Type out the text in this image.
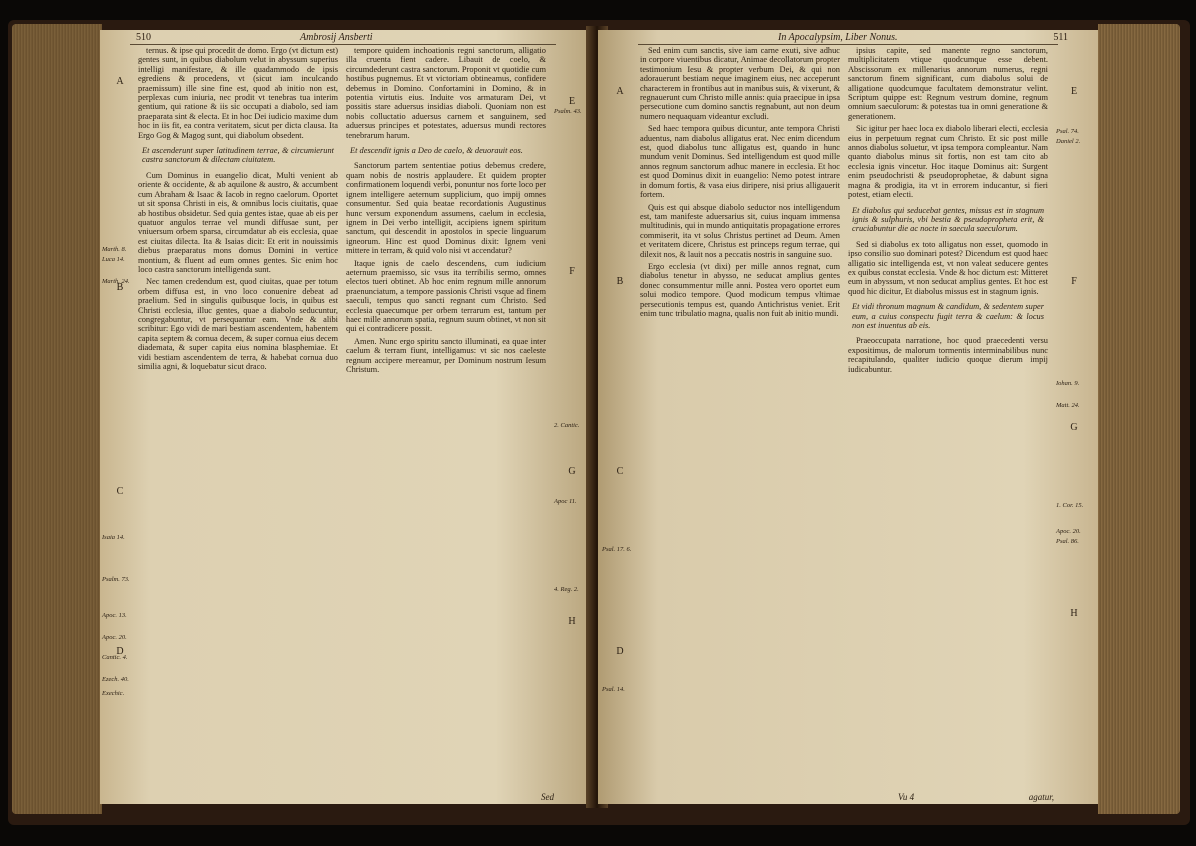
510	Ambrosij Ansberti
A
B
C
D
Marth. 8.
Luca 14.
Marth. 24.
Isaia 14.
Psalm. 73.
Apoc. 13.
Apoc. 20.
Cantic. 4.
Ezech. 40.
Exechic.

ternus. & ipse qui procedit de domo. Ergo (vt dictum est) gentes sunt, in quibus diabolum velut in abyssum superius intelligi manifestare, & ille quadammodo de ipsis egrediens & procedens, vt (sicut iam inculcando praemissum) ille sine fine est, quod ab initio non est, perplexas cum iniuria, nec prodit vt tenebras tua interim gentium, qui ratione & iis sic occupati a diabolo, sed iam praeparata sint & electa. Et in hoc Dei iudicio maxime dum hoc in iis fit, ea contra veritatem, sicut per dicta clausa. Ita Ergo Gog & Magog sunt, qui diabolum obsedent.

Et ascenderunt super latitudinem terrae, & circumierunt castra sanctorum & dilectam ciuitatem.

Cum Dominus in euangelio dicat, Multi venient ab oriente & occidente, & ab aquilone & austro, & accumbent cum Abraham & Isaac & Iacob in regno caelorum. Oportet ut sit sponsa Christi in eis, & omnibus locis ciuitatis, quae ab hostibus obsidetur. Sed quia gentes istae, quae ab eis per quatuor angulos terrae vel mundi diffusae sunt, per vniuersum orbem sparsa, circumdatur ab eis ecclesia, quae est ciuitas dilecta. Ita & Isaias dicit: Et erit in nouissimis diebus praeparatus mons domus Domini in vertice montium, & fluent ad eum omnes gentes. Sic enim hoc loco castra sanctorum intelligenda sunt.

Nec tamen credendum est, quod ciuitas, quae per totum orbem diffusa est, in vno loco conuenire debeat ad praelium. Sed in singulis quibusque locis, in quibus est Christi ecclesia, illuc gentes, quae a diabolo seducuntur, congregabuntur, vt persequantur eam. Vnde & alibi scribitur: Ego vidi de mari bestiam ascendentem, habentem capita septem & cornua decem, & super cornua eius decem diademata, & super capita eius nomina blasphemiae. Et vidi bestiam ascendentem de terra, & habebat cornua duo similia agni, & loquebatur sicut draco.

tempore quidem inchoationis regni sanctorum, alligatio illa cruenta fient cadere. Libauit de coelo, & circumdederunt castra sanctorum. Proponit vt quotidie cum hostibus pugnemus. Et vt victoriam obtineamus, confidere debemus in Domino. Confortamini in Domino, & in potentia virtutis eius. Induite vos armaturam Dei, vt possitis stare aduersus insidias diaboli. Quoniam non est nobis colluctatio aduersus carnem et sanguinem, sed aduersus principes et potestates, aduersus mundi rectores tenebrarum harum.

Et descendit ignis a Deo de caelo, & deuorauit eos.

Sanctorum partem sententiae potius debemus credere, quam nobis de nostris applaudere. Et quidem propter confirmationem loquendi verbi, ponuntur nos forte loco per ignem intelligere aeternum supplicium, quo impij omnes consumentur. Sed quia beatae recordationis Augustinus hunc versum exponendum assumens, caelum in ecclesia, ignem in Dei verbo intelligit, accipiens ignem spiritum sanctum, qui descendit in apostolos in specie linguarum igneorum. Hinc est quod Dominus dixit: Ignem veni mittere in terram, & quid volo nisi vt accendatur?

Itaque ignis de caelo descendens, cum iudicium aeternum praemisso, sic vsus ita terribilis sermo, omnes electos tueri obtinet. Ab hoc enim regnum mille annorum praenunciatum, a tempore passionis Christi vsque ad finem saeculi, tempus quo sancti regnant cum Christo. Sed ecclesia quaecumque per orbem terrarum est, tantum per haec mille annorum spatia, regnum suum obtinet, vt non sit qui ei contradicere possit.

Amen. Nunc ergo spiritu sancto illuminati, ea quae inter caelum & terram fiunt, intelligamus: vt sic nos caeleste regnum accipere mereamur, per Dominum nostrum Iesum Christum.

E
F
G
H
Psalm. 43.
2. Cantic.
Apoc 11.
4. Reg. 2.
Sed
In Apocalypsim, Liber Nonus.	511
A
B
C
D
Psal. 17. 6.
Psal. 14.

Sed enim cum sanctis, sive iam carne exuti, sive adhuc in corpore viuentibus dicatur, Animae decollatorum propter testimonium Iesu & propter verbum Dei, & qui non adorauerunt bestiam neque imaginem eius, nec acceperunt characterem in frontibus aut in manibus suis, & vixerunt, & regnauerunt cum Christo mille annis: quia praecipue in ipsa persecutione cum domino sanctis regnabunt, aut non deum numero nequaquam videantur excludi.

Sed haec tempora quibus dicuntur, ante tempora Christi aduentus, nam diabolus alligatus erat. Nec enim dicendum est, quod diabolus tunc alligatus est, quando in hunc mundum venit Dominus. Sed intelligendum est quod mille annos regnum sanctorum adhuc manere in ecclesia. Et hoc est quod Dominus dixit in euangelio: Nemo potest intrare in domum fortis, & vasa eius diripere, nisi prius alligauerit fortem.

Quis est qui absque diabolo seductor nos intelligendum est, tam manifeste aduersarius sit, cuius inquam immensa multitudinis, qui in mundo antiquitatis propagatione errores commiserit, ita vt solus Christus pertinet ad Deum. Amen et veritatem dicere, Christus est princeps regum terrae, qui dilexit nos, & lauit nos a peccatis nostris in sanguine suo.

Ergo ecclesia (vt dixi) per mille annos regnat, cum diabolus tenetur in abysso, ne seducat amplius gentes donec consummentur mille anni. Postea vero oportet eum solui modico tempore. Quod modicum tempus vltimae persecutionis tempus est, quando Antichristus veniet. Erit enim tunc tribulatio magna, qualis non fuit ab initio mundi.

ipsius capite, sed manente regno sanctorum, multiplicitatem vtique quodcumque esse debent. Abscissorum ex millenarius annorum numerus, regni sanctorum finem significant, cum diabolus solui de alligatione quodcumque facultatem demonstratur velint. Scriptum quippe est: Regnum vestrum domine, regnum omnium saeculorum: & potestas tua in omni generatione & generationem.

Sic igitur per haec loca ex diabolo liberari electi, ecclesia eius in perpetuum regnat cum Christo. Et sic post mille annos diabolus soluetur, vt ipsa tempora compleantur. Nam quanto diabolus minus sit fortis, non est tam cito ab ecclesia ignis vincetur. Hoc itaque Dominus ait: Surgent enim pseudochristi & pseudoprophetae, & dabunt signa magna & prodigia, ita vt in errorem inducantur, si fieri potest, etiam electi.

Et diabolus qui seducebat gentes, missus est in stagnum ignis & sulphuris, vbi bestia & pseudopropheta erit, & cruciabuntur die ac nocte in saecula saeculorum.

Sed si diabolus ex toto alligatus non esset, quomodo in ipso consilio suo dominari potest? Dicendum est quod haec alligatio sic intelligenda est, vt non valeat seducere gentes ex quibus constat ecclesia. Vnde & hoc dictum est: Mitteret eum in abyssum, vt non seducat amplius gentes. Et hoc est quod hic dicitur, Et diabolus missus est in stagnum ignis.

Et vidi thronum magnum & candidum, & sedentem super eum, a cuius conspectu fugit terra & caelum: & locus non est inuentus ab eis.

Praeoccupata narratione, hoc quod praecedenti versu expositimus, de malorum tormentis interminabilibus nunc recapitulando, qualiter iudicio quoque dierum impij iudicabuntur.

E
F
G
H
Psal. 74.
Daniel 2.
Iohan. 9.
Matt. 24.
1. Cor. 15.
Apoc. 20.
Psal. 86.
Vu 4	agatur,
